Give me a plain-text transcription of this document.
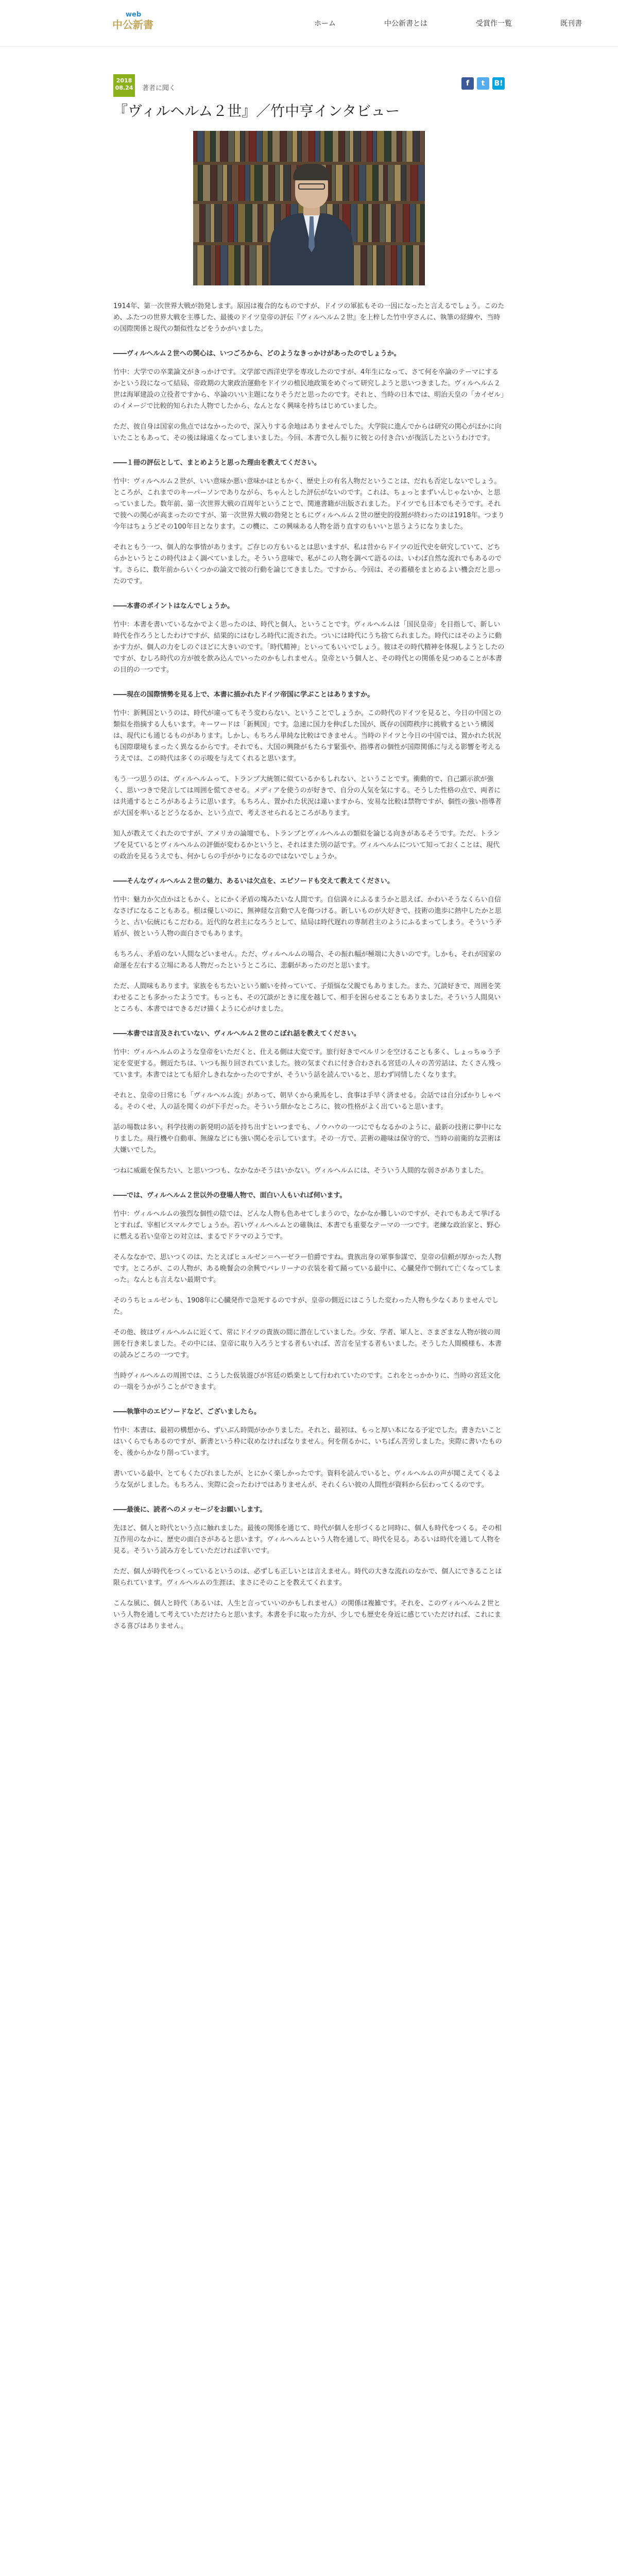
web
中公新書	ホーム	中公新書とは	受賞作一覧	既刊書
2018
08.24 著者に聞く
f	t	B!
『ヴィルヘルム２世』／竹中亨インタビュー

1914年、第一次世界大戦が勃発します。原因は複合的なものですが、ドイツの軍拡もその一因になったと言えるでしょう。このため、ふたつの世界大戦を主導した、最後のドイツ皇帝の評伝『ヴィルヘルム２世』を上梓した竹中亨さんに、執筆の経緯や、当時の国際関係と現代の類似性などをうかがいました。

――ヴィルヘルム２世への関心は、いつごろから、どのようなきっかけがあったのでしょうか。

竹中：大学での卒業論文がきっかけです。文学部で西洋史学を専攻したのですが、4年生になって、さて何を卒論のテーマにするかという段になって結局、帝政期の大衆政治運動をドイツの植民地政策をめぐって研究しようと思いつきました。ヴィルヘルム２世は海軍建設の立役者ですから、卒論のいい主題になりそうだと思ったのです。それと、当時の日本では、明治天皇の「カイゼル」のイメージで比較的知られた人物でしたから、なんとなく興味を持ちはじめていました。

ただ、彼自身は国家の焦点ではなかったので、深入りする余地はありませんでした。大学院に進んでからは研究の関心がほかに向いたこともあって、その後は縁遠くなってしまいました。今回、本書で久し振りに彼との付き合いが復活したというわけです。

――１冊の評伝として、まとめようと思った理由を教えてください。

竹中：ヴィルヘルム２世が、いい意味か悪い意味かはともかく、歴史上の有名人物だということは、だれも否定しないでしょう。ところが、これまでのキーパーソンでありながら、ちゃんとした評伝がないのです。これは、ちょっとまずいんじゃないか、と思っていました。数年前、第一次世界大戦の百周年ということで、関連書籍が出版されました。ドイツでも日本でもそうです。それで彼への関心が高まったのですが、第一次世界大戦の勃発とともにヴィルヘルム２世の歴史的役割が終わったのは1918年。つまり今年はちょうどその100年目となります。この機に、この興味ある人物を語り直すのもいいと思うようになりました。

それともう一つ、個人的な事情があります。ご存じの方もいるとは思いますが、私は昔からドイツの近代史を研究していて、どちらかというとこの時代はよく調べていました。そういう意味で、私がこの人物を調べて語るのは、いわば自然な流れでもあるのです。さらに、数年前からいくつかの論文で彼の行動を論じてきました。ですから、今回は、その蓄積をまとめるよい機会だと思ったのです。

――本書のポイントはなんでしょうか。

竹中：本書を書いているなかでよく思ったのは、時代と個人、ということです。ヴィルヘルムは「国民皇帝」を目指して、新しい時代を作ろうとしたわけですが、結果的にはむしろ時代に流された。ついには時代にうち捨てられました。時代にはそのように動かす力が、個人の力をしのぐほどに大きいのです。「時代精神」といってもいいでしょう。彼はその時代精神を体現しようとしたのですが、むしろ時代の方が彼を飲み込んでいったのかもしれません。皇帝という個人と、その時代との関係を見つめることが本書の目的の一つです。

――現在の国際情勢を見る上で、本書に描かれたドイツ帝国に学ぶことはありますか。

竹中：新興国というのは、時代が違ってもそう変わらない、ということでしょうか。この時代のドイツを見ると、今日の中国との類似を指摘する人もいます。キーワードは「新興国」です。急速に国力を伸ばした国が、既存の国際秩序に挑戦するという構図は、現代にも通じるものがあります。しかし、もちろん単純な比較はできません。当時のドイツと今日の中国では、置かれた状況も国際環境もまったく異なるからです。それでも、大国の興隆がもたらす緊張や、指導者の個性が国際関係に与える影響を考えるうえでは、この時代は多くの示唆を与えてくれると思います。

もう一つ思うのは、ヴィルヘルムって、トランプ大統領に似ているかもしれない、ということです。衝動的で、自己顕示欲が強く、思いつきで発言しては周囲を慌てさせる。メディアを使うのが好きで、自分の人気を気にする。そうした性格の点で、両者には共通するところがあるように思います。もちろん、置かれた状況は違いますから、安易な比較は禁物ですが、個性の強い指導者が大国を率いるとどうなるか、という点で、考えさせられるところがあります。

知人が教えてくれたのですが、アメリカの論壇でも、トランプとヴィルヘルムの類似を論じる向きがあるそうです。ただ、トランプを見ているとヴィルヘルムの評価が変わるかというと、それはまた別の話です。ヴィルヘルムについて知っておくことは、現代の政治を見るうえでも、何かしらの手がかりになるのではないでしょうか。

――そんなヴィルヘルム２世の魅力、あるいは欠点を、エピソードも交えて教えてください。

竹中：魅力か欠点かはともかく、とにかく矛盾の塊みたいな人間です。自信満々にふるまうかと思えば、かわいそうなくらい自信なさげになることもある。根は優しいのに、無神経な言動で人を傷つける。新しいものが大好きで、技術の進歩に熱中したかと思うと、古い伝統にもこだわる。近代的な君主になろうとして、結局は時代遅れの専制君主のようにふるまってしまう。そういう矛盾が、彼という人物の面白さでもあります。

もちろん、矛盾のない人間などいません。ただ、ヴィルヘルムの場合、その振れ幅が極端に大きいのです。しかも、それが国家の命運を左右する立場にある人物だったというところに、悲劇があったのだと思います。

ただ、人間味もあります。家族をもちたいという願いを持っていて、子煩悩な父親でもありました。また、冗談好きで、周囲を笑わせることも多かったようです。もっとも、その冗談がときに度を越して、相手を困らせることもありました。そういう人間臭いところも、本書ではできるだけ描くように心がけました。

――本書では言及されていない、ヴィルヘルム２世のこぼれ話を教えてください。

竹中：ヴィルヘルムのような皇帝をいただくと、仕える側は大変です。旅行好きでベルリンを空けることも多く、しょっちゅう予定を変更する。側近たちは、いつも振り回されていました。彼の気まぐれに付き合わされる宮廷の人々の苦労話は、たくさん残っています。本書ではとても紹介しきれなかったのですが、そういう話を読んでいると、思わず同情したくなります。

それと、皇帝の日常にも「ヴィルヘルム流」があって、朝早くから乗馬をし、食事は手早く済ませる。会話では自分ばかりしゃべる。そのくせ、人の話を聞くのが下手だった。そういう細かなところに、彼の性格がよく出ていると思います。

話の場数は多い。科学技術の新発明の話を持ち出すといつまでも、ノウハウの一つにでもなるかのように、最新の技術に夢中になりました。飛行機や自動車、無線などにも強い関心を示しています。その一方で、芸術の趣味は保守的で、当時の前衛的な芸術は大嫌いでした。

つねに威厳を保ちたい、と思いつつも、なかなかそうはいかない。ヴィルヘルムには、そういう人間的な弱さがありました。

――では、ヴィルヘルム２世以外の登場人物で、面白い人もいれば伺います。

竹中：ヴィルヘルムの強烈な個性の陰では、どんな人物も色あせてしまうので、なかなか難しいのですが、それでもあえて挙げるとすれば、宰相ビスマルクでしょうか。若いヴィルヘルムとの確執は、本書でも重要なテーマの一つです。老練な政治家と、野心に燃える若い皇帝との対立は、まるでドラマのようです。

そんななかで、思いつくのは、たとえばヒュルゼン＝ヘーゼラー伯爵ですね。貴族出身の軍事参謀で、皇帝の信頼が厚かった人物です。ところが、この人物が、ある晩餐会の余興でバレリーナの衣装を着て踊っている最中に、心臓発作で倒れて亡くなってしまった。なんとも言えない最期です。

そのうちヒュルゼンも、1908年に心臓発作で急死するのですが、皇帝の側近にはこうした変わった人物も少なくありませんでした。

その他、彼はヴィルヘルムに近くて、常にドイツの貴族の間に潜在していました。少女、学者、軍人と、さまざまな人物が彼の周囲を行き来しました。その中には、皇帝に取り入ろうとする者もいれば、苦言を呈する者もいました。そうした人間模様も、本書の読みどころの一つです。

当時ヴィルヘルムの周囲では、こうした仮装遊びが宮廷の娯楽として行われていたのです。これをとっかかりに、当時の宮廷文化の一端をうかがうことができます。

――執筆中のエピソードなど、ございましたら。

竹中：本書は、最初の構想から、ずいぶん時間がかかりました。それと、最初は、もっと厚い本になる予定でした。書きたいことはいくらでもあるのですが、新書という枠に収めなければなりません。何を削るかに、いちばん苦労しました。実際に書いたものを、後からかなり削っています。

書いている最中、とてもくたびれましたが、とにかく楽しかったです。資料を読んでいると、ヴィルヘルムの声が聞こえてくるような気がしました。もちろん、実際に会ったわけではありませんが、それくらい彼の人間性が資料から伝わってくるのです。

――最後に、読者へのメッセージをお願いします。

先ほど、個人と時代という点に触れました。最後の関係を通じて、時代が個人を形づくると同時に、個人も時代をつくる。その相互作用のなかに、歴史の面白さがあると思います。ヴィルヘルムという人物を通して、時代を見る。あるいは時代を通して人物を見る。そういう読み方をしていただければ幸いです。

ただ、個人が時代をつくっているというのは、必ずしも正しいとは言えません。時代の大きな流れのなかで、個人にできることは限られています。ヴィルヘルムの生涯は、まさにそのことを教えてくれます。

こんな風に、個人と時代（あるいは、人生と言っていいのかもしれません）の関係は複雑です。それを、このヴィルヘルム２世という人物を通して考えていただけたらと思います。本書を手に取った方が、少しでも歴史を身近に感じていただければ、これにまさる喜びはありません。
